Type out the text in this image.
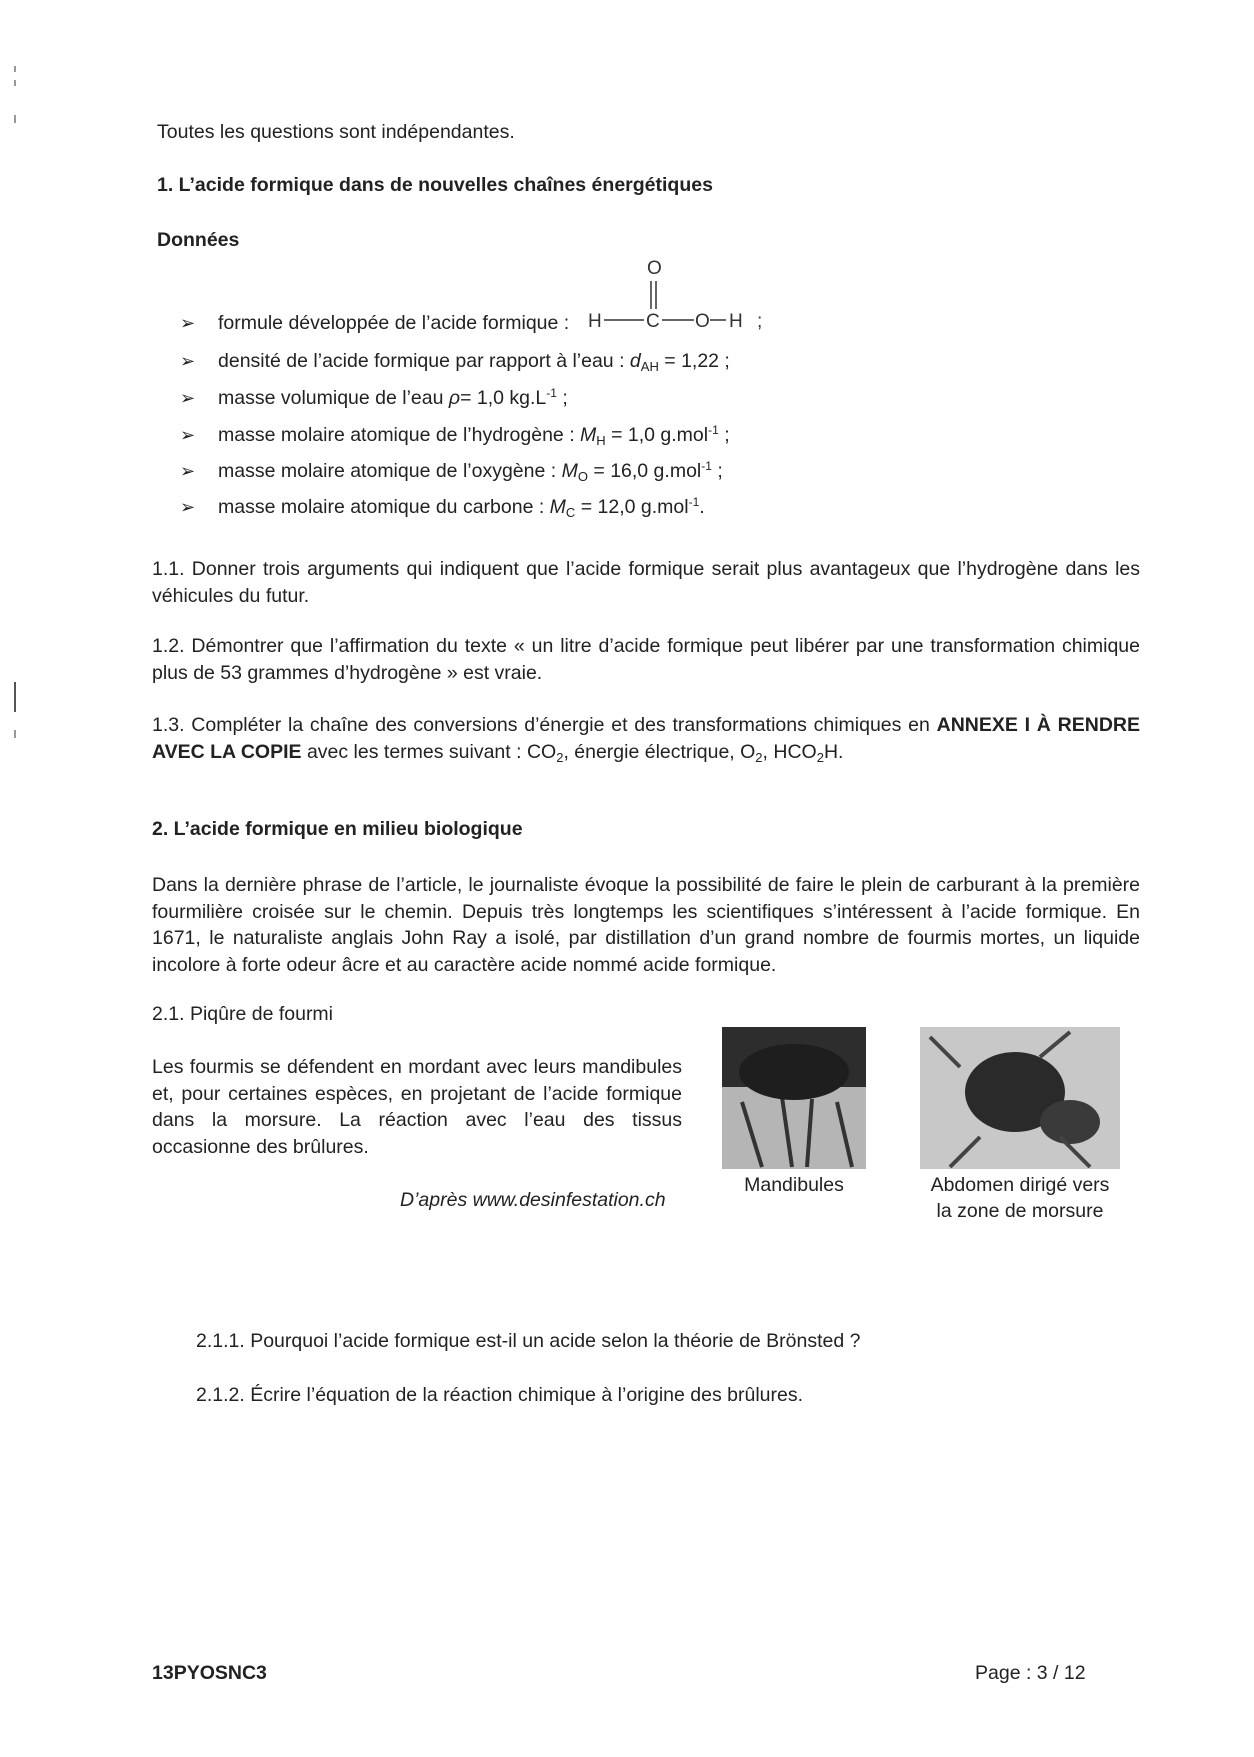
Toutes les questions sont indépendantes.
1. L’acide formique dans de nouvelles chaînes énergétiques
Données
➢ formule développée de l’acide formique :
O
H C O H ;
➢ densité de l’acide formique par rapport à l’eau : $d_{AH} = 1,22$ ;
➢ masse volumique de l’eau ρ= 1,0 $kg.L^{-1}$ ;
➢ masse molaire atomique de l’hydrogène : $M_H = 1,0$ g.mol$^{-1}$ ;
➢ masse molaire atomique de l’oxygène : $M_O = 16,0$ g.mol$^{-1}$ ;
➢ masse molaire atomique du carbone : $M_C = 12,0$ g.mol$^{-1}$.
1.1. Donner trois arguments qui indiquent que l’acide formique serait plus avantageux que l’hydrogène dans les véhicules du futur.
1.2. Démontrer que l’affirmation du texte « un litre d’acide formique peut libérer par une transformation chimique plus de 53 grammes d’hydrogène » est vraie.
1.3. Compléter la chaîne des conversions d’énergie et des transformations chimiques en ANNEXE I À RENDRE AVEC LA COPIE avec les termes suivant : $CO_2$, énergie électrique, $O_2$, $HCO_2H$.
2. L’acide formique en milieu biologique
Dans la dernière phrase de l’article, le journaliste évoque la possibilité de faire le plein de carburant à la première fourmilière croisée sur le chemin. Depuis très longtemps les scientifiques s’intéressent à l’acide formique. En 1671, le naturaliste anglais John Ray a isolé, par distillation d’un grand nombre de fourmis mortes, un liquide incolore à forte odeur âcre et au caractère acide nommé acide formique.
2.1. Piqûre de fourmi
Les fourmis se défendent en mordant avec leurs mandibules et, pour certaines espèces, en projetant de l’acide formique dans la morsure. La réaction avec l’eau des tissus occasionne des brûlures.
D’après www.desinfestation.ch
Mandibules	Abdomen dirigé vers
la zone de morsure
2.1.1. Pourquoi l’acide formique est-il un acide selon la théorie de Brönsted ?
2.1.2. Écrire l’équation de la réaction chimique à l’origine des brûlures.
13PYOSNC3	Page : 3 / 12
